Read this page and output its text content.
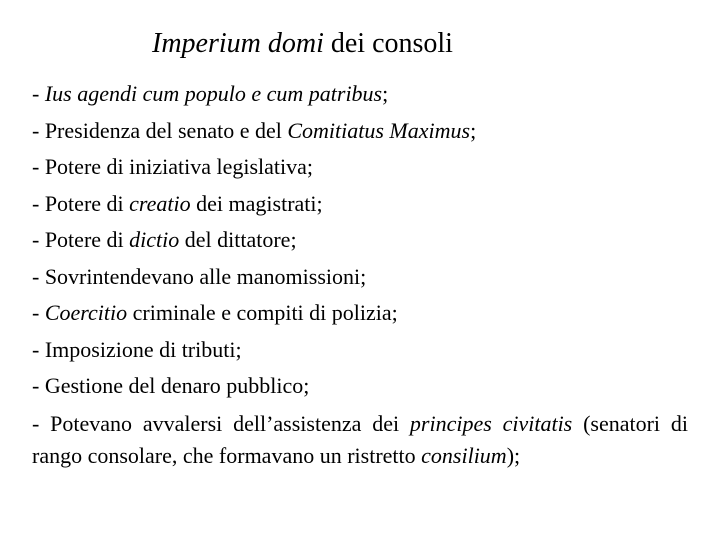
Imperium domi dei consoli
- Ius agendi cum populo e cum patribus;
- Presidenza del senato e del Comitiatus Maximus;
- Potere di iniziativa legislativa;
- Potere di creatio dei magistrati;
- Potere di dictio del dittatore;
- Sovrintendevano alle manomissioni;
- Coercitio criminale e compiti di polizia;
- Imposizione di tributi;
- Gestione del denaro pubblico;
- Potevano avvalersi dell’assistenza dei principes civitatis (senatori di rango consolare, che formavano un ristretto consilium);
